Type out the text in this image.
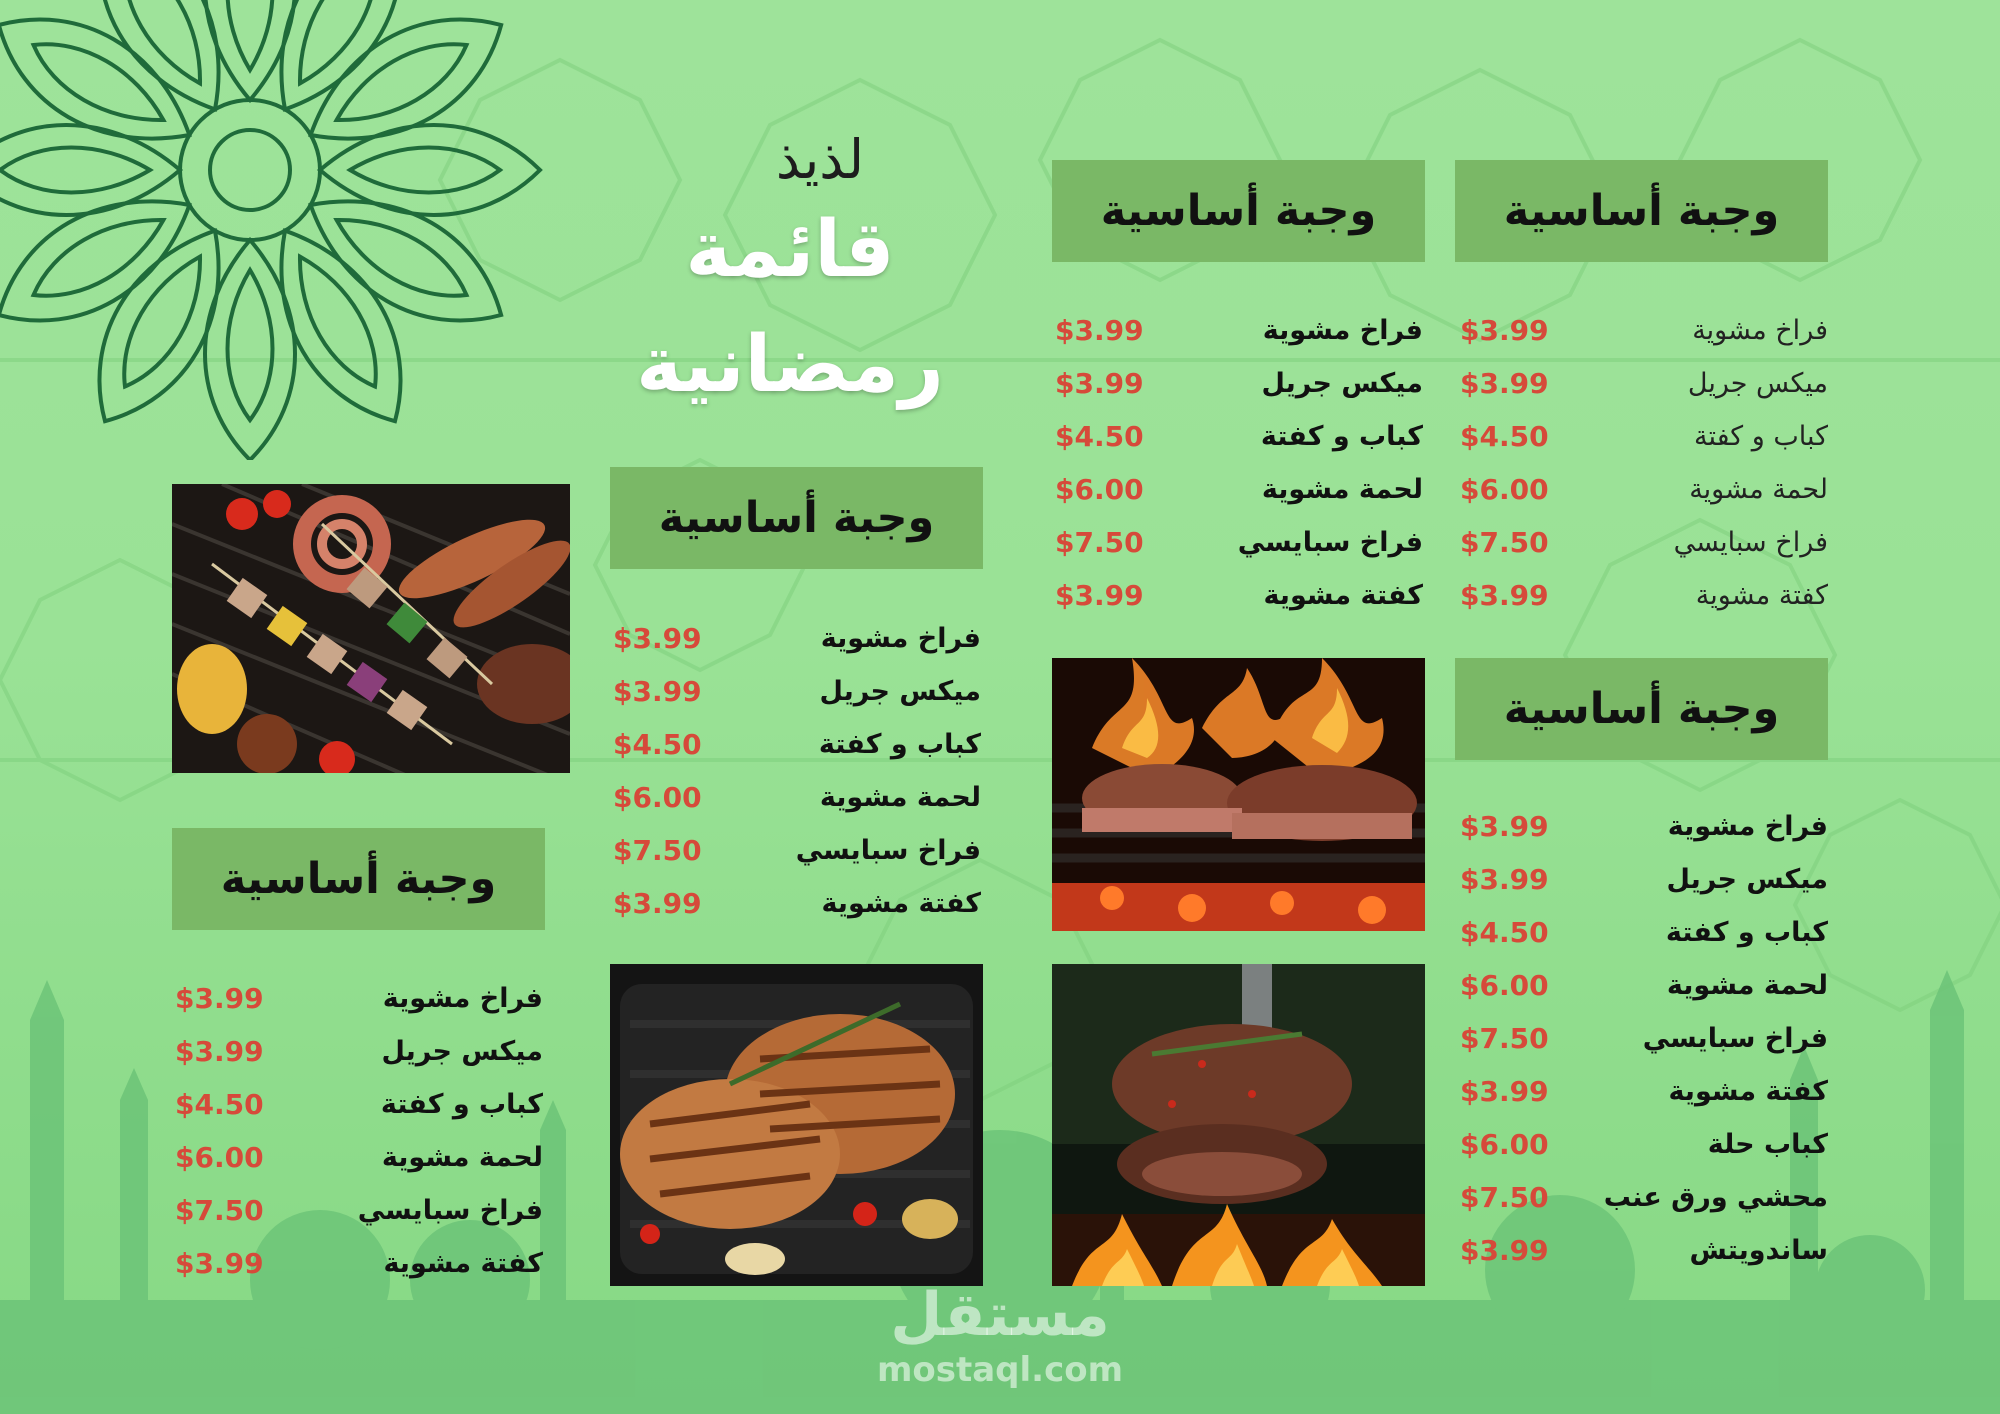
لذيذ
قائمة
رمضانية
وجبة أساسية
فراخ مشوية
$3.99
ميكس جريل
$3.99
كباب و كفتة
$4.50
لحمة مشوية
$6.00
فراخ سبايسي
$7.50
كفتة مشوية
$3.99
وجبة أساسية
فراخ مشوية
$3.99
ميكس جريل
$3.99
كباب و كفتة
$4.50
لحمة مشوية
$6.00
فراخ سبايسي
$7.50
كفتة مشوية
$3.99
وجبة أساسية
فراخ مشوية
$3.99
ميكس جريل
$3.99
كباب و كفتة
$4.50
لحمة مشوية
$6.00
فراخ سبايسي
$7.50
كفتة مشوية
$3.99
وجبة أساسية
فراخ مشوية
$3.99
ميكس جريل
$3.99
كباب و كفتة
$4.50
لحمة مشوية
$6.00
فراخ سبايسي
$7.50
كفتة مشوية
$3.99
كباب حلة
$6.00
محشي ورق عنب
$7.50
ساندويتش
$3.99
وجبة أساسية
فراخ مشوية
$3.99
ميكس جريل
$3.99
كباب و كفتة
$4.50
لحمة مشوية
$6.00
فراخ سبايسي
$7.50
كفتة مشوية
$3.99
مستقل
mostaql.com
